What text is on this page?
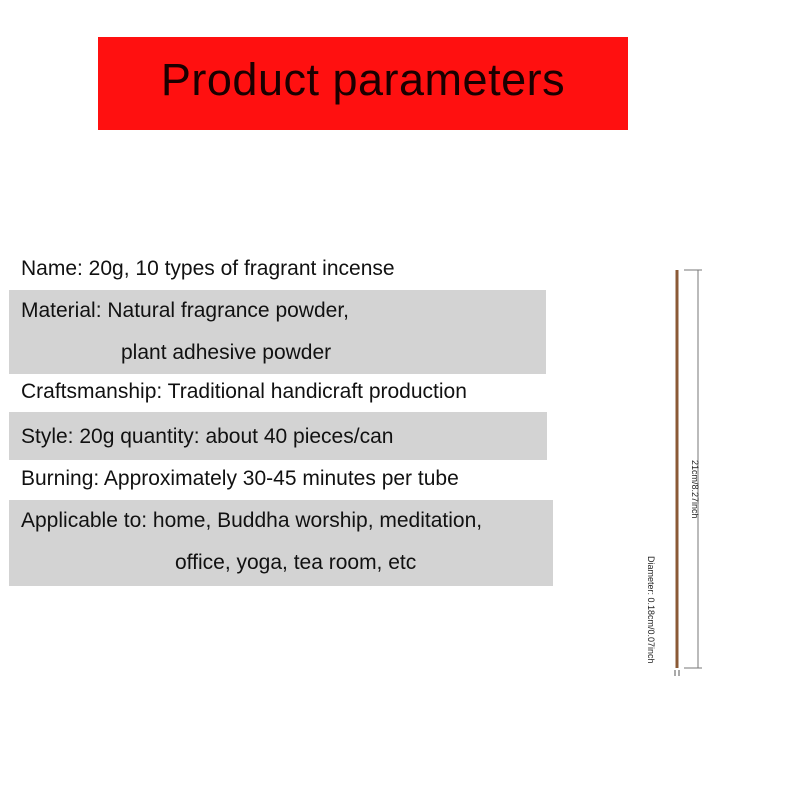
Product parameters
Name: 20g, 10 types of fragrant incense
Material: Natural fragrance powder,
plant adhesive powder
Craftsmanship: Traditional handicraft production
Style: 20g quantity: about 40 pieces/can
Burning: Approximately 30-45 minutes per tube
Applicable to: home, Buddha worship, meditation,
office, yoga, tea room, etc
21cm/8.27inch
Diameter: 0.18cm/0.07inch
